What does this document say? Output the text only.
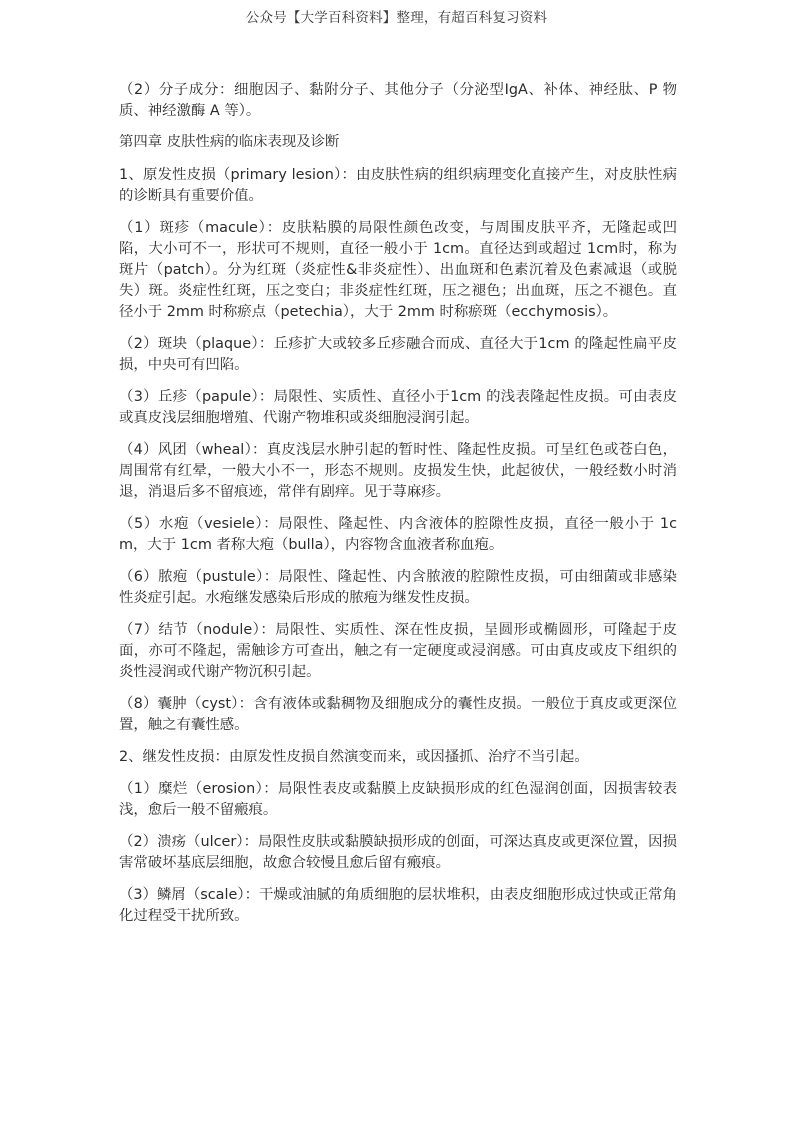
公众号【大学百科资料】整理，有超百科复习资料

（2）分子成分：细胞因子、黏附分子、其他分子（分泌型IgA、补体、神经肽、P 物质、神经激酶 A 等）。

第四章 皮肤性病的临床表现及诊断

1、原发性皮损（primary lesion）：由皮肤性病的组织病理变化直接产生，对皮肤性病的诊断具有重要价值。

（1）斑疹（macule）：皮肤粘膜的局限性颜色改变，与周围皮肤平齐，无隆起或凹陷，大小可不一，形状可不规则，直径一般小于 1cm。直径达到或超过 1cm时，称为斑片（patch）。分为红斑（炎症性&非炎症性）、出血斑和色素沉着及色素减退（或脱失）斑。炎症性红斑，压之变白；非炎症性红斑，压之褪色；出血斑，压之不褪色。直径小于 2mm 时称瘀点（petechia），大于 2mm 时称瘀斑（ecchymosis）。

（2）斑块（plaque）：丘疹扩大或较多丘疹融合而成、直径大于1cm 的隆起性扁平皮损，中央可有凹陷。

（3）丘疹（papule）：局限性、实质性、直径小于1cm 的浅表隆起性皮损。可由表皮或真皮浅层细胞增殖、代谢产物堆积或炎细胞浸润引起。

（4）风团（wheal）：真皮浅层水肿引起的暂时性、隆起性皮损。可呈红色或苍白色，周围常有红晕，一般大小不一，形态不规则。皮损发生快，此起彼伏，一般经数小时消退，消退后多不留痕迹，常伴有剧痒。见于荨麻疹。

（5）水疱（vesiele）：局限性、隆起性、内含液体的腔隙性皮损，直径一般小于 1cm，大于 1cm 者称大疱（bulla），内容物含血液者称血疱。

（6）脓疱（pustule）：局限性、隆起性、内含脓液的腔隙性皮损，可由细菌或非感染性炎症引起。水疱继发感染后形成的脓疱为继发性皮损。

（7）结节（nodule）：局限性、实质性、深在性皮损，呈圆形或椭圆形，可隆起于皮面，亦可不隆起，需触诊方可查出，触之有一定硬度或浸润感。可由真皮或皮下组织的炎性浸润或代谢产物沉积引起。

（8）囊肿（cyst）：含有液体或黏稠物及细胞成分的囊性皮损。一般位于真皮或更深位置，触之有囊性感。

2、继发性皮损：由原发性皮损自然演变而来，或因搔抓、治疗不当引起。

（1）糜烂（erosion）：局限性表皮或黏膜上皮缺损形成的红色湿润创面，因损害较表浅，愈后一般不留瘢痕。

（2）溃疡（ulcer）：局限性皮肤或黏膜缺损形成的创面，可深达真皮或更深位置，因损害常破坏基底层细胞，故愈合较慢且愈后留有瘢痕。

（3）鳞屑（scale）：干燥或油腻的角质细胞的层状堆积，由表皮细胞形成过快或正常角化过程受干扰所致。
